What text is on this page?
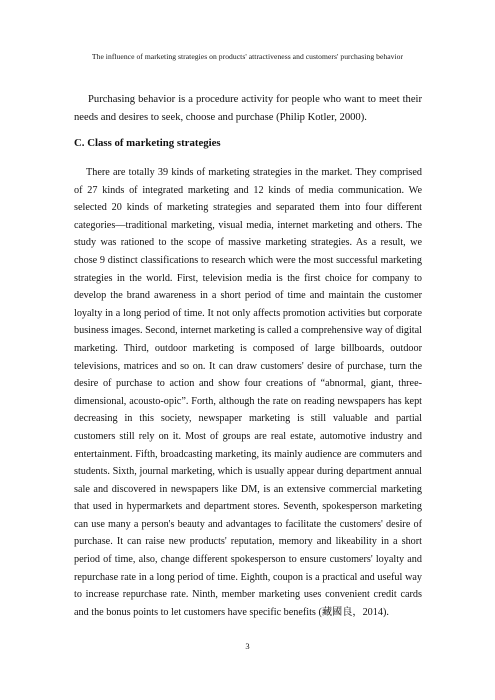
The influence of marketing strategies on products' attractiveness and customers' purchasing behavior

Purchasing behavior is a procedure activity for people who want to meet their needs and desires to seek, choose and purchase (Philip Kotler, 2000).

C. Class of marketing strategies

There are totally 39 kinds of marketing strategies in the market. They comprised of 27 kinds of integrated marketing and 12 kinds of media communication. We selected 20 kinds of marketing strategies and separated them into four different categories—traditional marketing, visual media, internet marketing and others. The study was rationed to the scope of massive marketing strategies. As a result, we chose 9 distinct classifications to research which were the most successful marketing strategies in the world. First, television media is the first choice for company to develop the brand awareness in a short period of time and maintain the customer loyalty in a long period of time. It not only affects promotion activities but corporate business images. Second, internet marketing is called a comprehensive way of digital marketing. Third, outdoor marketing is composed of large billboards, outdoor televisions, matrices and so on. It can draw customers' desire of purchase, turn the desire of purchase to action and show four creations of “abnormal, giant, three-dimensional, acousto-opic”. Forth, although the rate on reading newspapers has kept decreasing in this society, newspaper marketing is still valuable and partial customers still rely on it. Most of groups are real estate, automotive industry and entertainment. Fifth, broadcasting marketing, its mainly audience are commuters and students. Sixth, journal marketing, which is usually appear during department annual sale and discovered in newspapers like DM, is an extensive commercial marketing that used in hypermarkets and department stores. Seventh, spokesperson marketing can use many a person's beauty and advantages to facilitate the customers' desire of purchase. It can raise new products' reputation, memory and likeability in a short period of time, also, change different spokesperson to ensure customers' loyalty and repurchase rate in a long period of time. Eighth, coupon is a practical and useful way to increase repurchase rate. Ninth, member marketing uses convenient credit cards and the bonus points to let customers have specific benefits (藏國良，2014).

3
